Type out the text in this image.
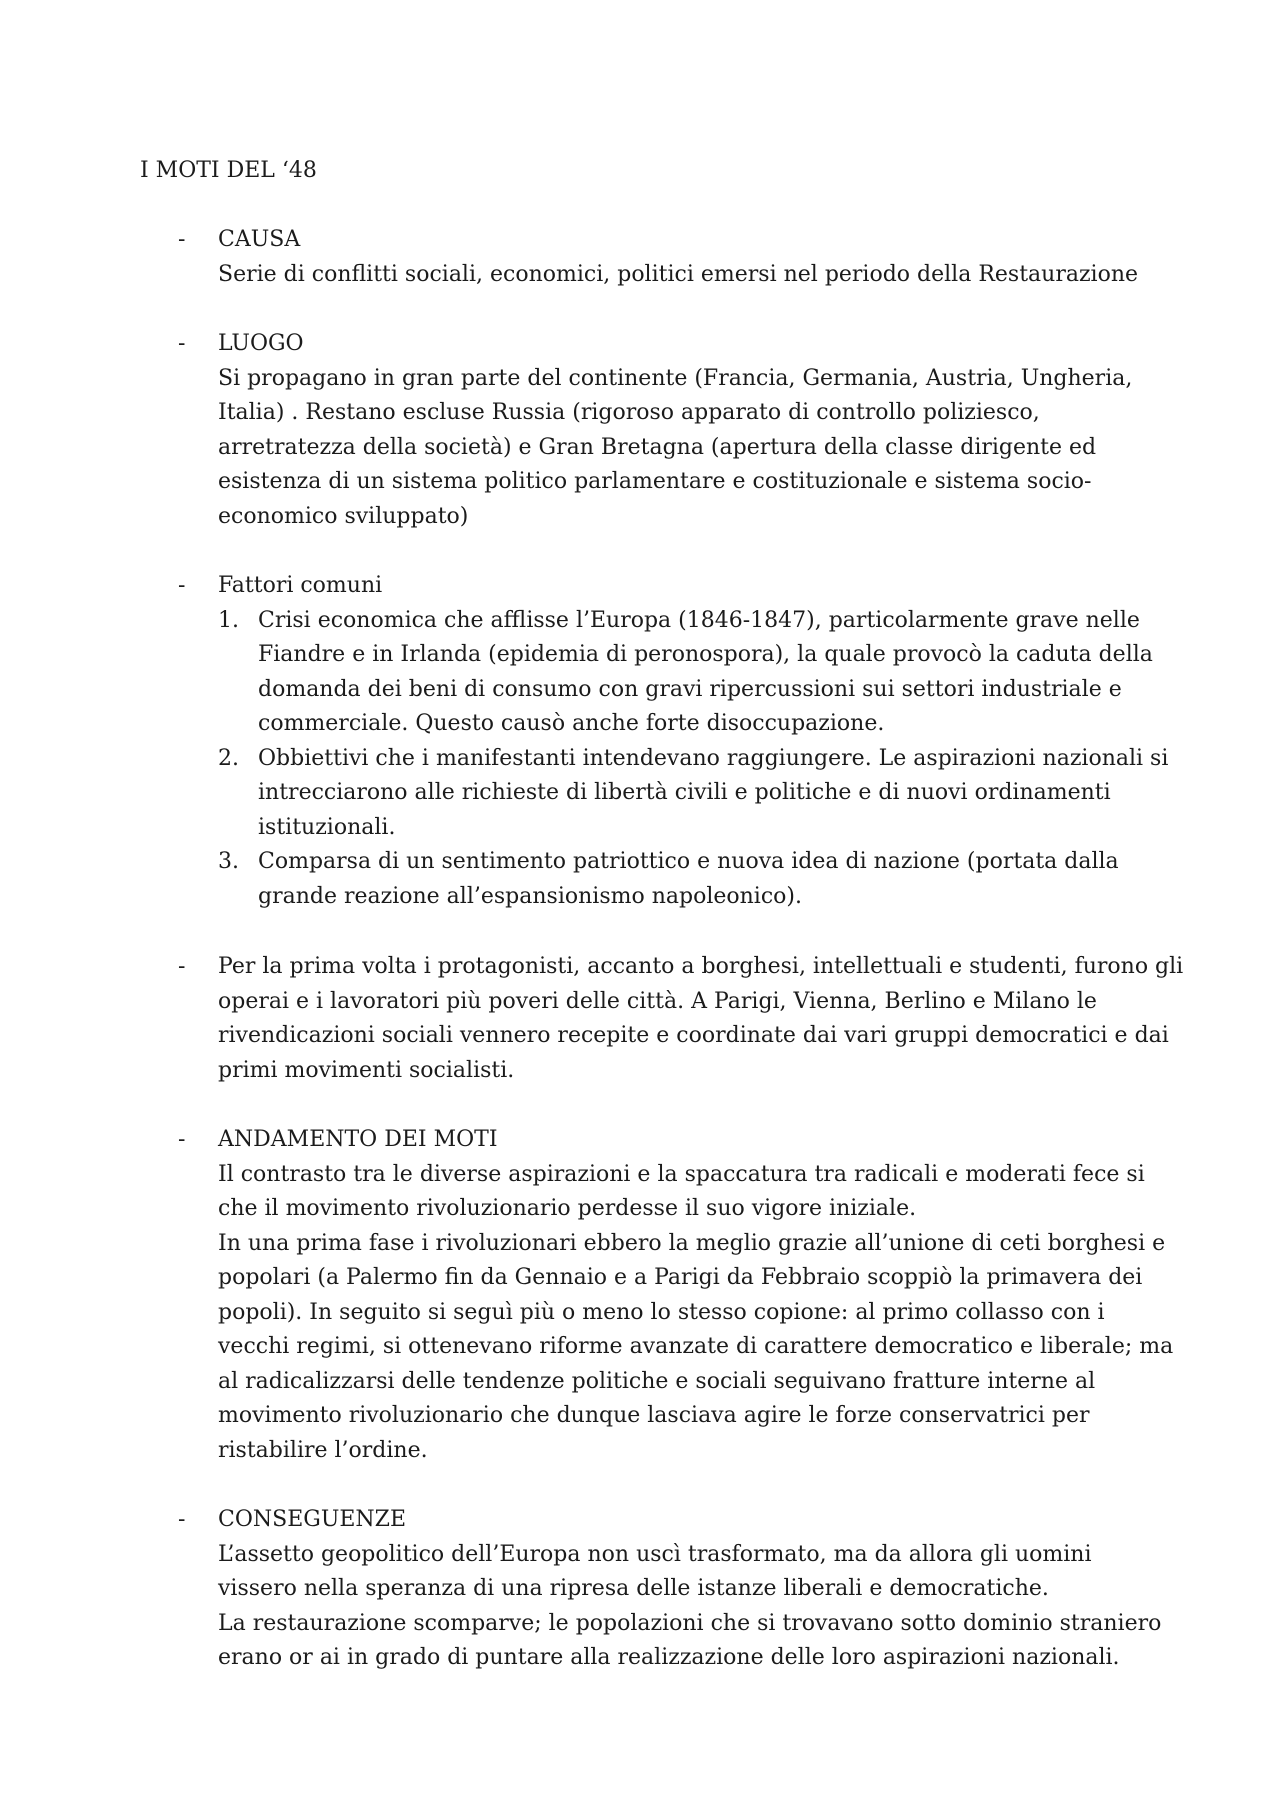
I MOTI DEL ‘48
- CAUSA
Serie di conflitti sociali, economici, politici emersi nel periodo della Restaurazione
- LUOGO
Si propagano in gran parte del continente (Francia, Germania, Austria, Ungheria,
Italia) . Restano escluse Russia (rigoroso apparato di controllo poliziesco,
arretratezza della società) e Gran Bretagna (apertura della classe dirigente ed
esistenza di un sistema politico parlamentare e costituzionale e sistema socio-
economico sviluppato)
- Fattori comuni
1. Crisi economica che afflisse l’Europa (1846-1847), particolarmente grave nelle
Fiandre e in Irlanda (epidemia di peronospora), la quale provocò la caduta della
domanda dei beni di consumo con gravi ripercussioni sui settori industriale e
commerciale. Questo causò anche forte disoccupazione.
2. Obbiettivi che i manifestanti intendevano raggiungere. Le aspirazioni nazionali si
intrecciarono alle richieste di libertà civili e politiche e di nuovi ordinamenti
istituzionali.
3. Comparsa di un sentimento patriottico e nuova idea di nazione (portata dalla
grande reazione all’espansionismo napoleonico).
- Per la prima volta i protagonisti, accanto a borghesi, intellettuali e studenti, furono gli
operai e i lavoratori più poveri delle città. A Parigi, Vienna, Berlino e Milano le
rivendicazioni sociali vennero recepite e coordinate dai vari gruppi democratici e dai
primi movimenti socialisti.
- ANDAMENTO DEI MOTI
Il contrasto tra le diverse aspirazioni e la spaccatura tra radicali e moderati fece si
che il movimento rivoluzionario perdesse il suo vigore iniziale.
In una prima fase i rivoluzionari ebbero la meglio grazie all’unione di ceti borghesi e
popolari (a Palermo fin da Gennaio e a Parigi da Febbraio scoppiò la primavera dei
popoli). In seguito si seguì più o meno lo stesso copione: al primo collasso con i
vecchi regimi, si ottenevano riforme avanzate di carattere democratico e liberale; ma
al radicalizzarsi delle tendenze politiche e sociali seguivano fratture interne al
movimento rivoluzionario che dunque lasciava agire le forze conservatrici per
ristabilire l’ordine.
- CONSEGUENZE
L’assetto geopolitico dell’Europa non uscì trasformato, ma da allora gli uomini
vissero nella speranza di una ripresa delle istanze liberali e democratiche.
La restaurazione scomparve; le popolazioni che si trovavano sotto dominio straniero
erano or ai in grado di puntare alla realizzazione delle loro aspirazioni nazionali.
